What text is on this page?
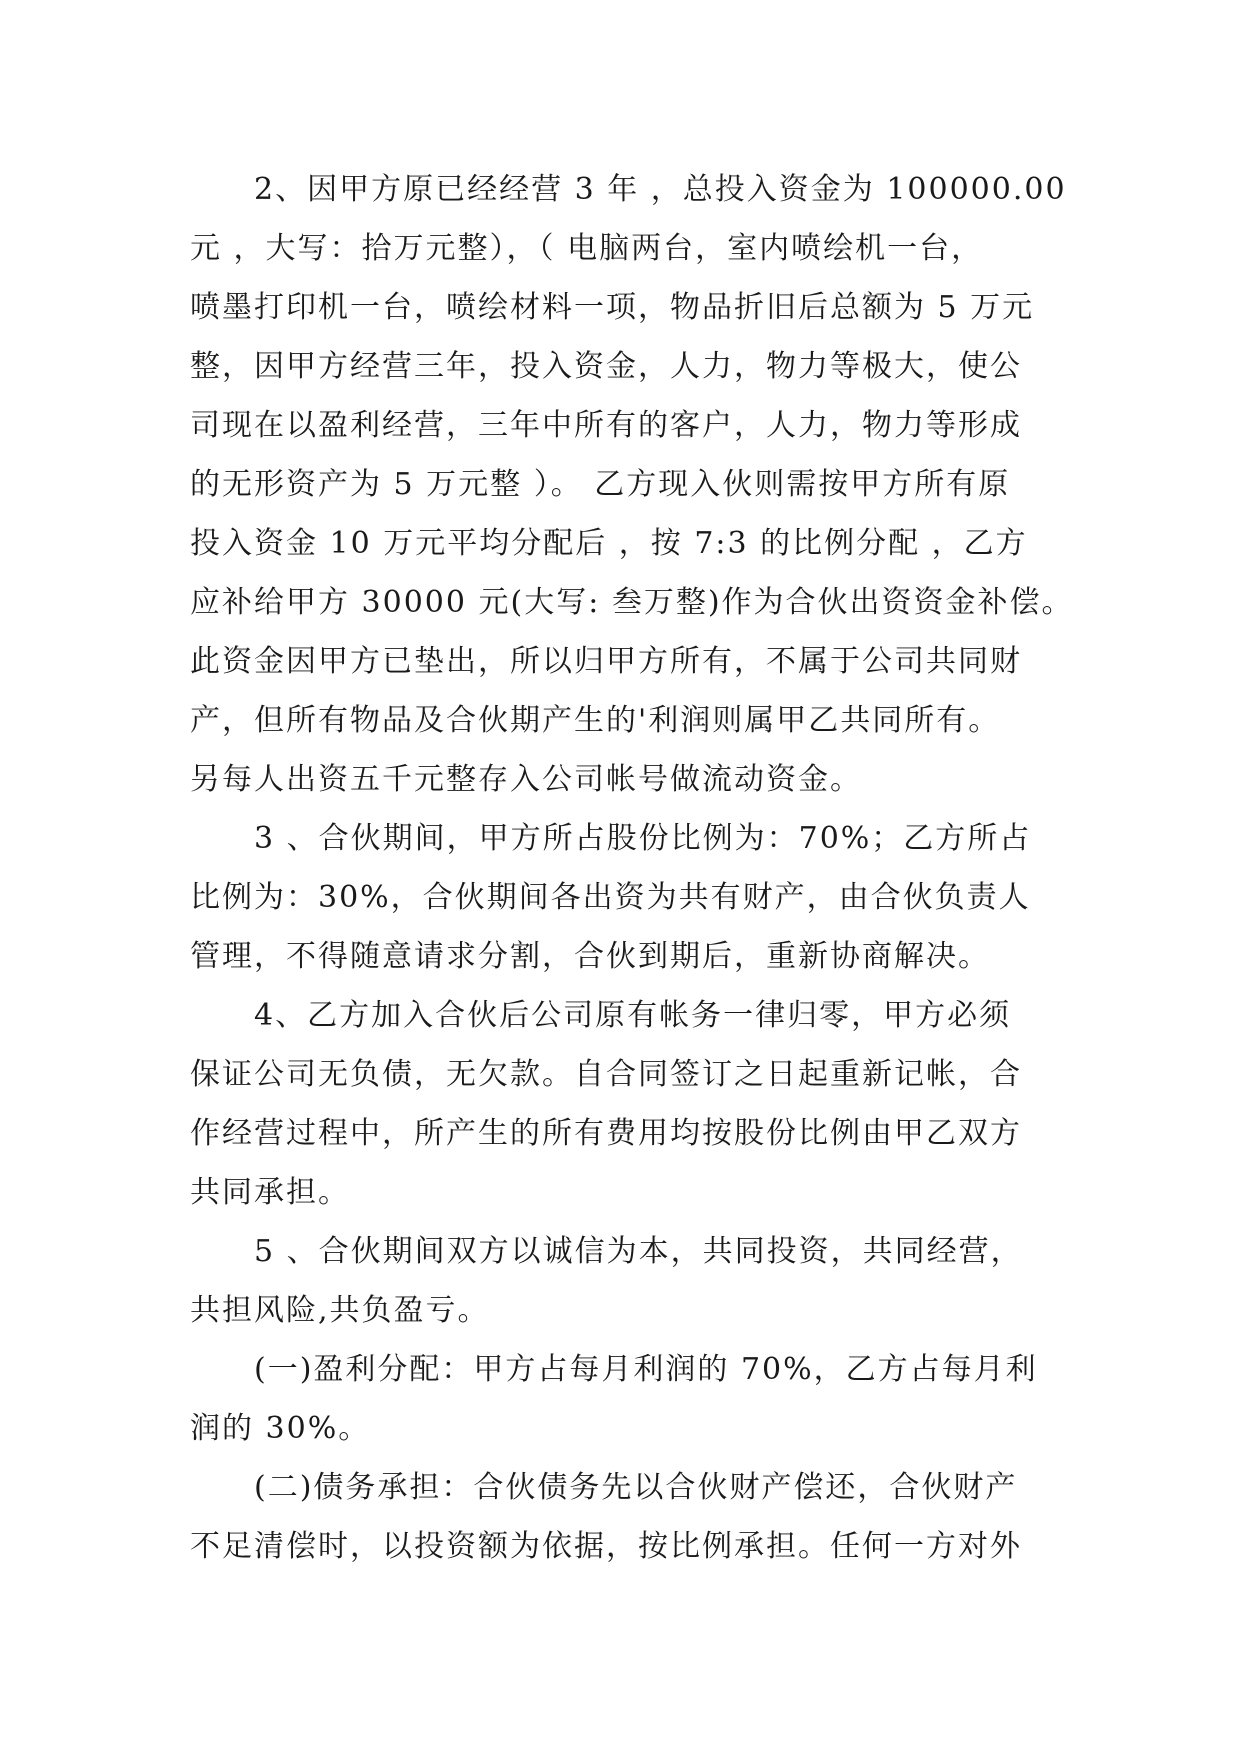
2、因甲方原已经经营 3 年 ，总投入资金为 100000.00
元 ，大写：拾万元整），（ 电脑两台，室内喷绘机一台，
喷墨打印机一台，喷绘材料一项，物品折旧后总额为 5 万元
整，因甲方经营三年，投入资金，人力，物力等极大，使公
司现在以盈利经营，三年中所有的客户，人力，物力等形成
的无形资产为 5 万元整 ）。 乙方现入伙则需按甲方所有原
投入资金 10 万元平均分配后 ，按 7:3 的比例分配 ，乙方
应补给甲方 30000 元(大写: 叁万整)作为合伙出资资金补偿。
此资金因甲方已垫出，所以归甲方所有，不属于公司共同财
产，但所有物品及合伙期产生的'利润则属甲乙共同所有。
另每人出资五千元整存入公司帐号做流动资金。
3 、合伙期间，甲方所占股份比例为：70%；乙方所占
比例为：30%，合伙期间各出资为共有财产，由合伙负责人
管理，不得随意请求分割，合伙到期后，重新协商解决。
4、乙方加入合伙后公司原有帐务一律归零，甲方必须
保证公司无负债，无欠款。自合同签订之日起重新记帐，合
作经营过程中，所产生的所有费用均按股份比例由甲乙双方
共同承担。
5 、合伙期间双方以诚信为本，共同投资，共同经营，
共担风险,共负盈亏。
(一)盈利分配：甲方占每月利润的 70%，乙方占每月利
润的 30%。
(二)债务承担：合伙债务先以合伙财产偿还，合伙财产
不足清偿时，以投资额为依据，按比例承担。任何一方对外
